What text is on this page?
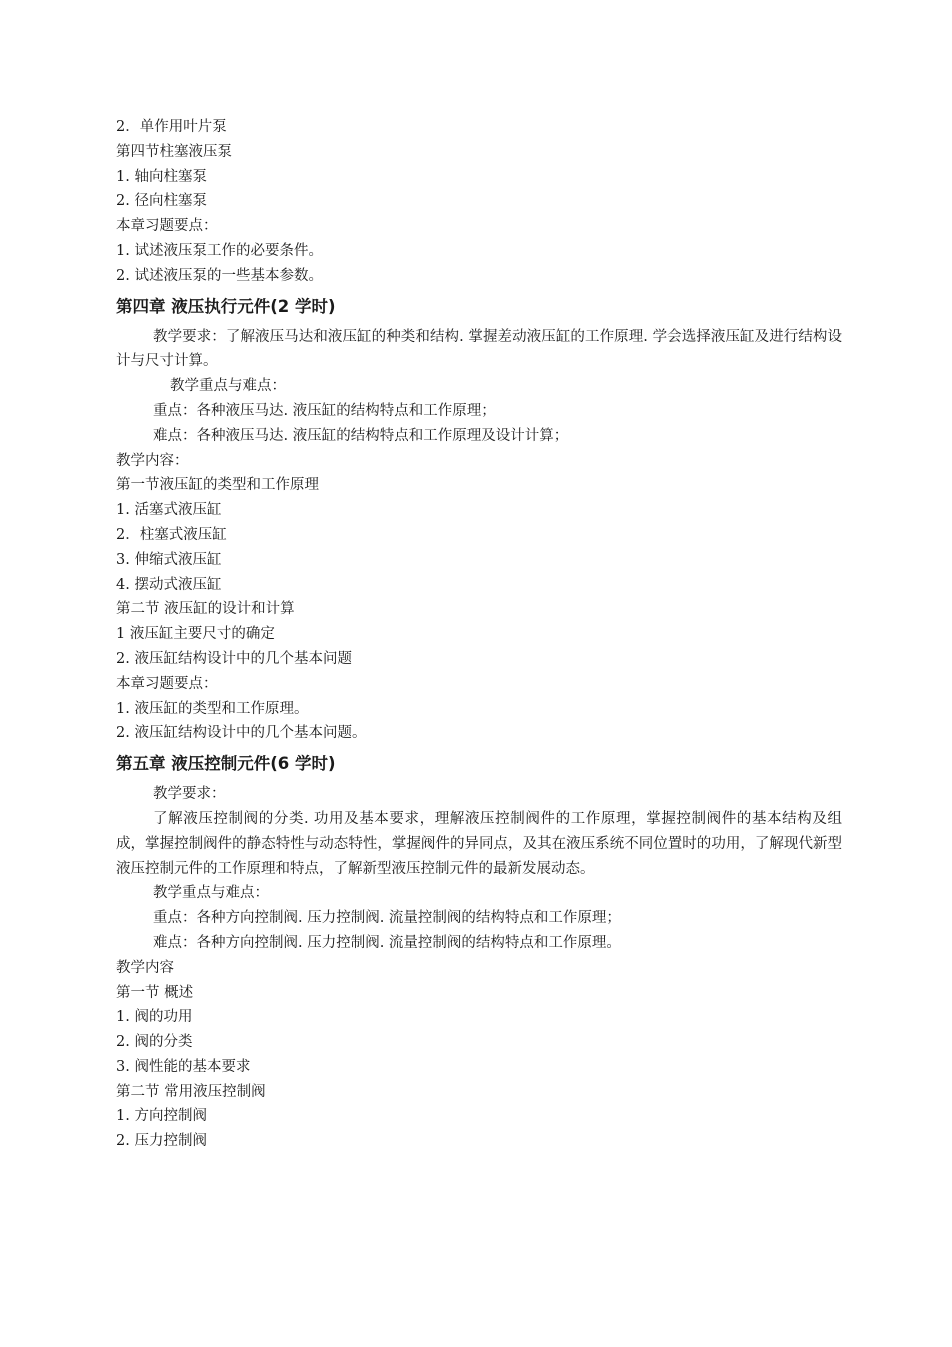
2．单作用叶片泵
第四节柱塞液压泵
1. 轴向柱塞泵
2. 径向柱塞泵
本章习题要点：
1. 试述液压泵工作的必要条件。
2. 试述液压泵的一些基本参数。
第四章 液压执行元件(2 学时)
教学要求：了解液压马达和液压缸的种类和结构. 掌握差动液压缸的工作原理. 学会选择液压缸及进行结构设计与尺寸计算。
教学重点与难点：
重点：各种液压马达. 液压缸的结构特点和工作原理；
难点：各种液压马达. 液压缸的结构特点和工作原理及设计计算；
教学内容：
第一节液压缸的类型和工作原理
1. 活塞式液压缸
2．柱塞式液压缸
3. 伸缩式液压缸
4. 摆动式液压缸
第二节 液压缸的设计和计算
1 液压缸主要尺寸的确定
2. 液压缸结构设计中的几个基本问题
本章习题要点：
1. 液压缸的类型和工作原理。
2. 液压缸结构设计中的几个基本问题。
第五章 液压控制元件(6 学时)
教学要求：
了解液压控制阀的分类. 功用及基本要求，理解液压控制阀件的工作原理，掌握控制阀件的基本结构及组成，掌握控制阀件的静态特性与动态特性，掌握阀件的异同点，及其在液压系统不同位置时的功用，了解现代新型液压控制元件的工作原理和特点，了解新型液压控制元件的最新发展动态。
教学重点与难点：
重点：各种方向控制阀. 压力控制阀. 流量控制阀的结构特点和工作原理；
难点：各种方向控制阀. 压力控制阀. 流量控制阀的结构特点和工作原理。
教学内容
第一节 概述
1. 阀的功用
2. 阀的分类
3. 阀性能的基本要求
第二节 常用液压控制阀
1. 方向控制阀
2. 压力控制阀
